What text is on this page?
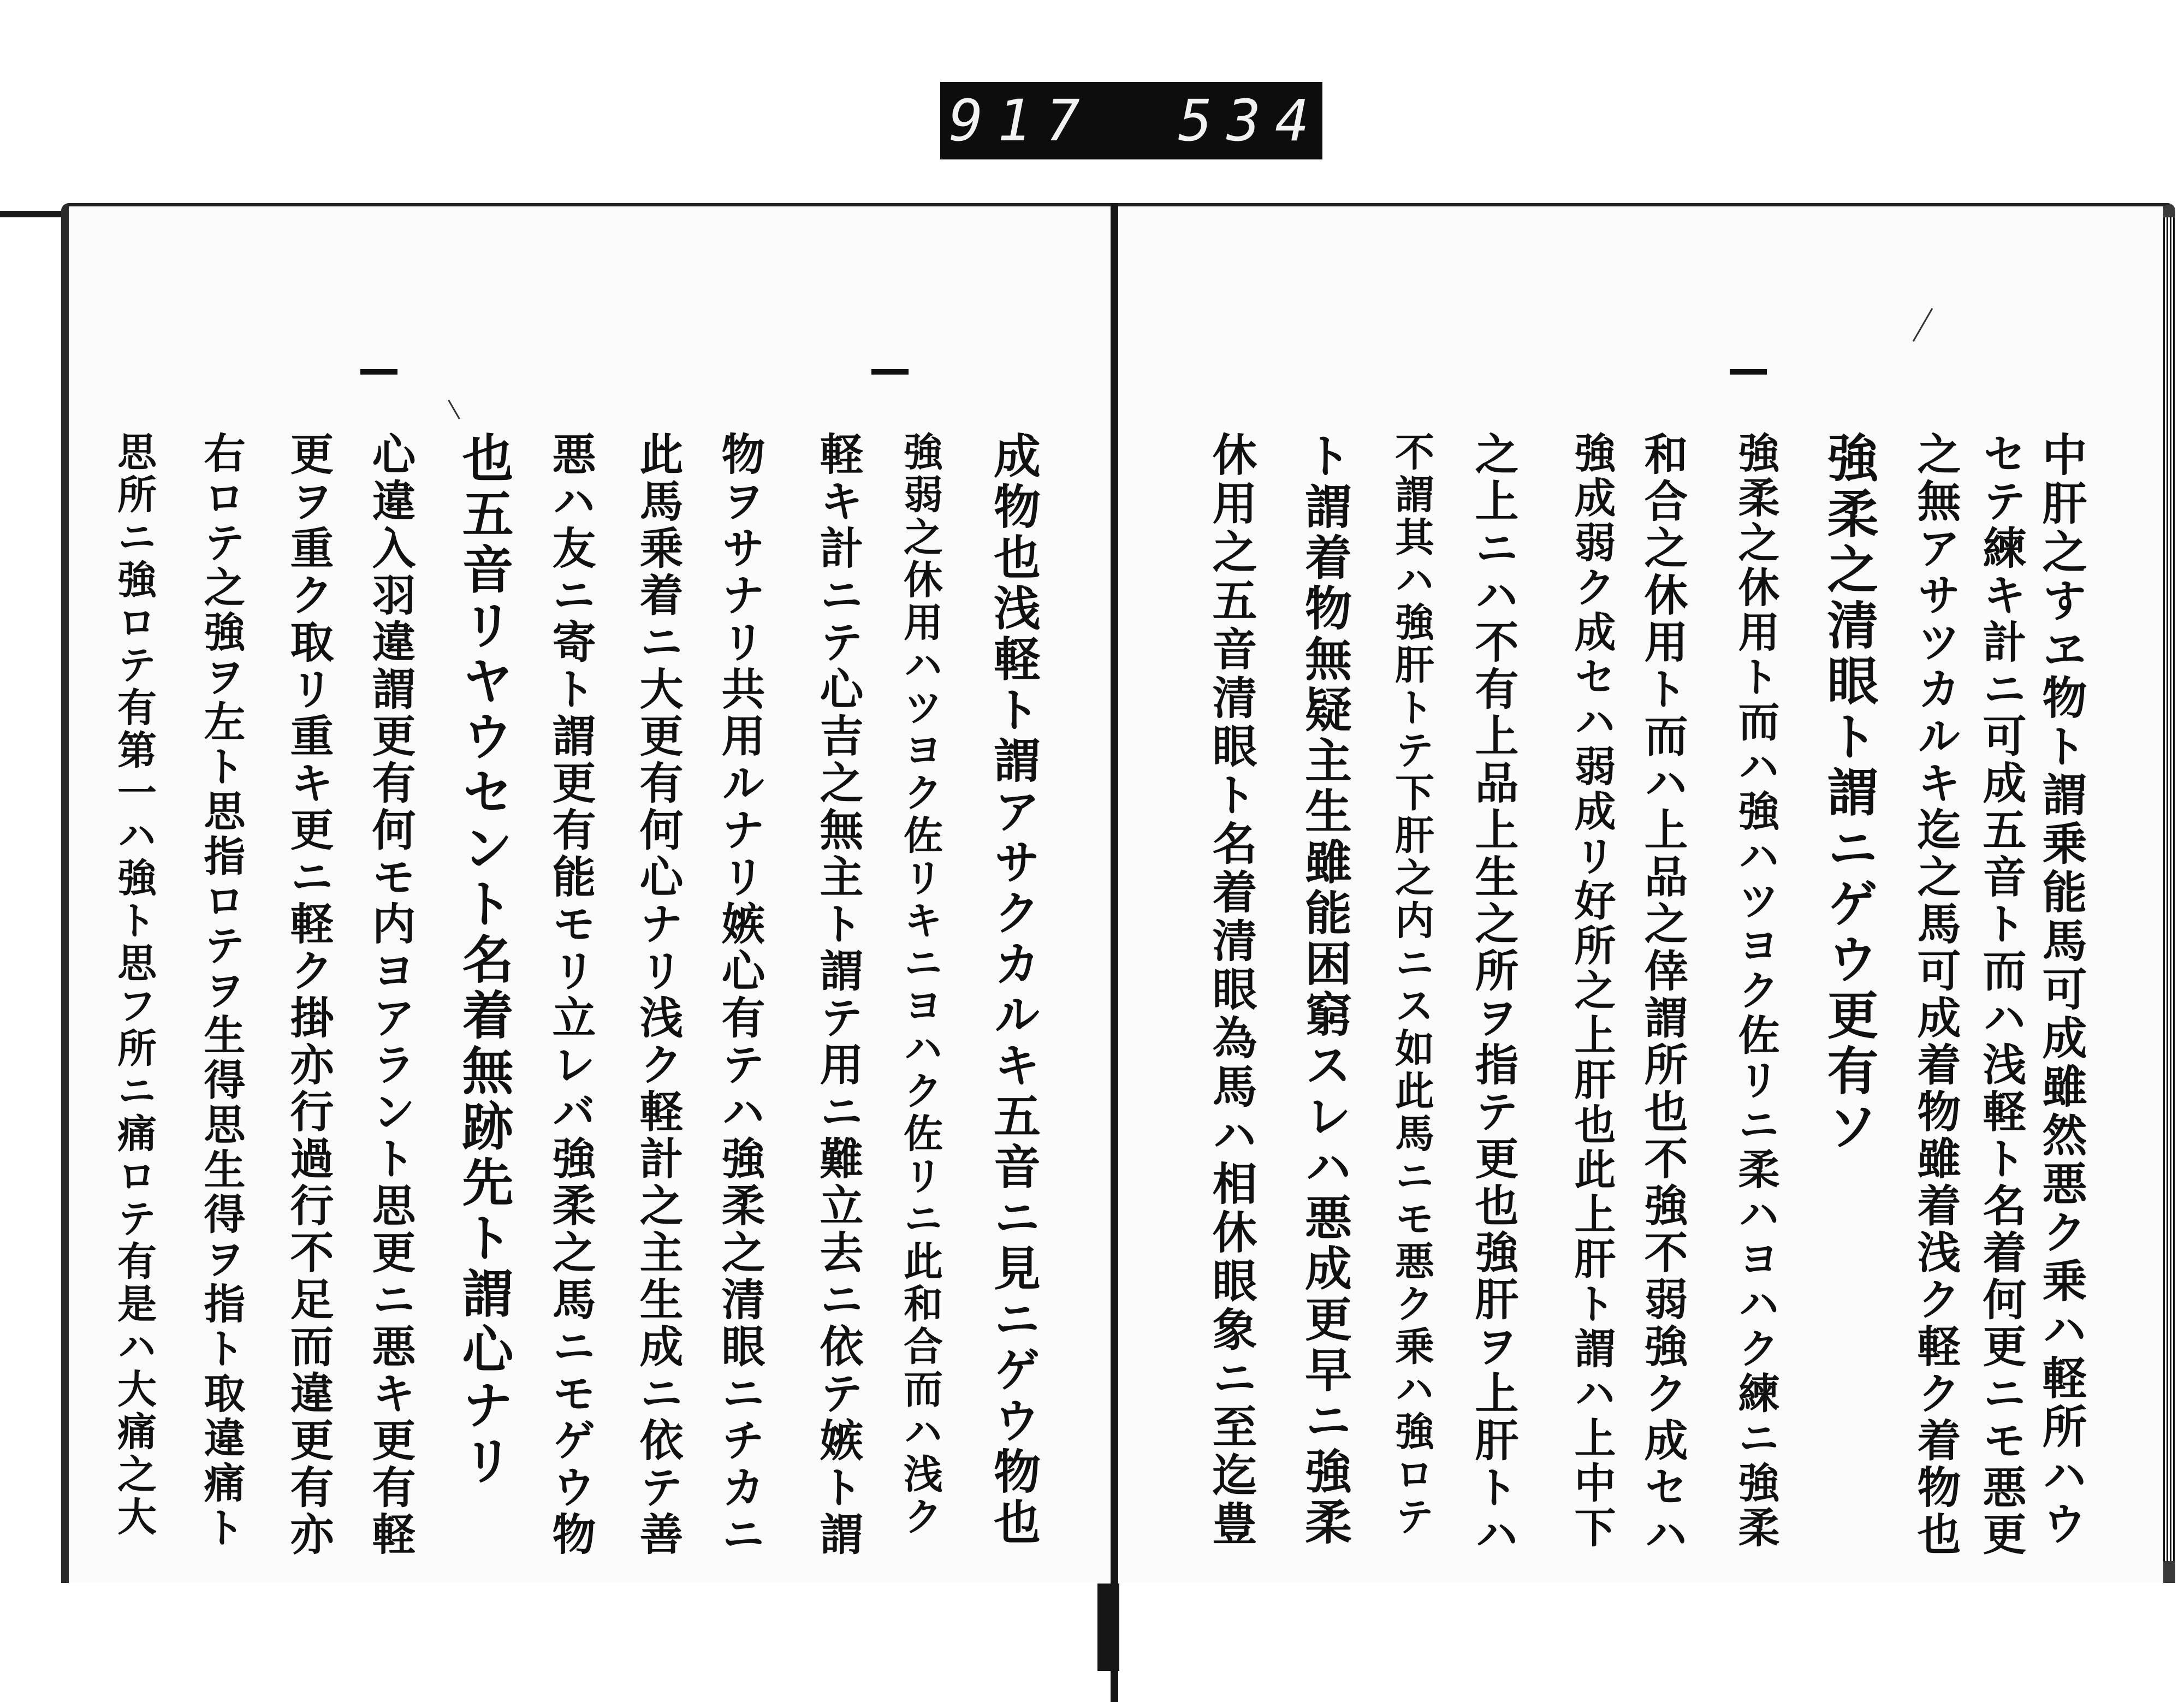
917 534
中肝之すヱ物ト謂乗能馬可成雖然悪ク乗ハ軽所ハウ
セテ練キ計ニ可成五音ト而ハ浅軽ト名着何更ニモ悪更
之無アサツカルキ迄之馬可成着物雖着浅ク軽ク着物也
強柔之清眼ト謂ニゲウ更有ソ
強柔之休用ト而ハ強ハツヨク佐リニ柔ハヨハク練ニ強柔
和合之休用ト而ハ上品之倖謂所也不強不弱強ク成セハ
強成弱ク成セハ弱成リ好所之上肝也此上肝ト謂ハ上中下
之上ニハ不有上品上生之所ヲ指テ更也強肝ヲ上肝トハ
不謂其ハ強肝トテ下肝之内ニス如此馬ニモ悪ク乗ハ強ロテ
ト謂着物無疑主生雖能困窮スレハ悪成更早ニ強柔
休用之五音清眼ト名着清眼為馬ハ相休眼象ニ至迄豊
成物也浅軽ト謂アサクカルキ五音ニ見ニゲウ物也
強弱之休用ハツヨク佐リキニヨハク佐リニ此和合而ハ浅ク
軽キ計ニテ心吉之無主ト謂テ用ニ難立去ニ依テ嫉ト謂
物ヲサナリ共用ルナリ嫉心有テハ強柔之清眼ニチカニ
此馬乗着ニ大更有何心ナリ浅ク軽計之主生成ニ依テ善
悪ハ友ニ寄ト謂更有能モリ立レバ強柔之馬ニモゲウ物
也五音リヤウセント名着無跡先ト謂心ナリ
心違入羽違謂更有何モ内ヨアラント思更ニ悪キ更有軽
更ヲ重ク取リ重キ更ニ軽ク掛亦行過行不足而違更有亦
右ロテ之強ヲ左ト思指ロテヲ生得思生得ヲ指ト取違痛ト
思所ニ強ロテ有第一ハ強ト思フ所ニ痛ロテ有是ハ大痛之大
